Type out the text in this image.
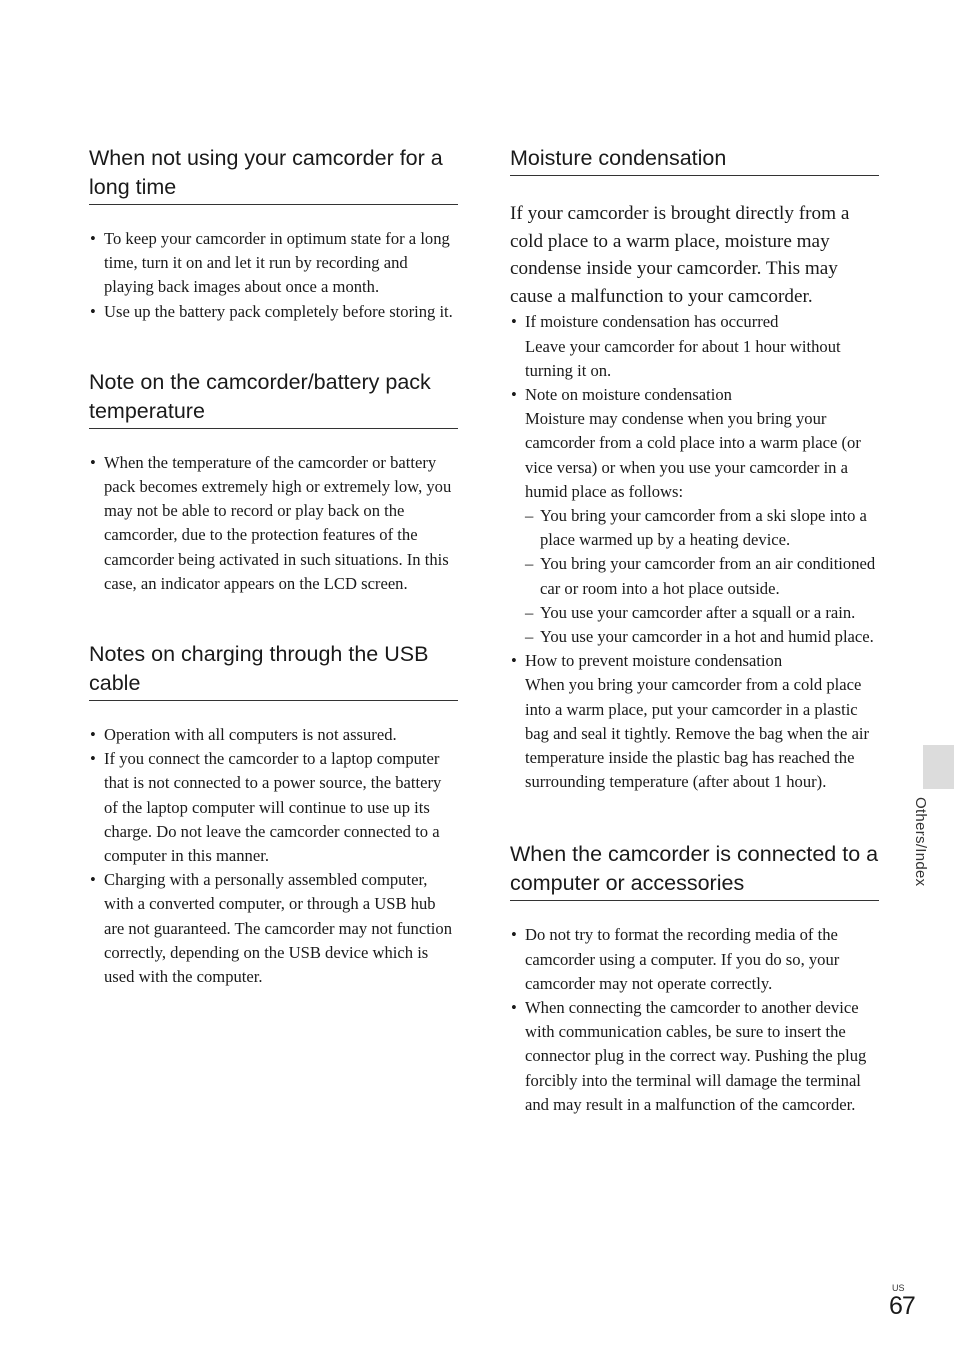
When not using your camcorder for a long time
• To keep your camcorder in optimum state for a long time, turn it on and let it run by recording and playing back images about once a month.
• Use up the battery pack completely before storing it.
Note on the camcorder/battery pack temperature
• When the temperature of the camcorder or battery pack becomes extremely high or extremely low, you may not be able to record or play back on the camcorder, due to the protection features of the camcorder being activated in such situations. In this case, an indicator appears on the LCD screen.
Notes on charging through the USB cable
• Operation with all computers is not assured.
• If you connect the camcorder to a laptop computer that is not connected to a power source, the battery of the laptop computer will continue to use up its charge. Do not leave the camcorder connected to a computer in this manner.
• Charging with a personally assembled computer, with a converted computer, or through a USB hub are not guaranteed. The camcorder may not function correctly, depending on the USB device which is used with the computer.
Moisture condensation

If your camcorder is brought directly from a cold place to a warm place, moisture may condense inside your camcorder. This may cause a malfunction to your camcorder.

• If moisture condensation has occurred
Leave your camcorder for about 1 hour without turning it on.
• Note on moisture condensation
Moisture may condense when you bring your camcorder from a cold place into a warm place (or vice versa) or when you use your camcorder in a humid place as follows:
– You bring your camcorder from a ski slope into a place warmed up by a heating device.
– You bring your camcorder from an air conditioned car or room into a hot place outside.
– You use your camcorder after a squall or a rain.
– You use your camcorder in a hot and humid place.
• How to prevent moisture condensation
When you bring your camcorder from a cold place into a warm place, put your camcorder in a plastic bag and seal it tightly. Remove the bag when the air temperature inside the plastic bag has reached the surrounding temperature (after about 1 hour).
When the camcorder is connected to a computer or accessories
• Do not try to format the recording media of the camcorder using a computer. If you do so, your camcorder may not operate correctly.
• When connecting the camcorder to another device with communication cables, be sure to insert the connector plug in the correct way. Pushing the plug forcibly into the terminal will damage the terminal and may result in a malfunction of the camcorder.
Others/Index
US
67
